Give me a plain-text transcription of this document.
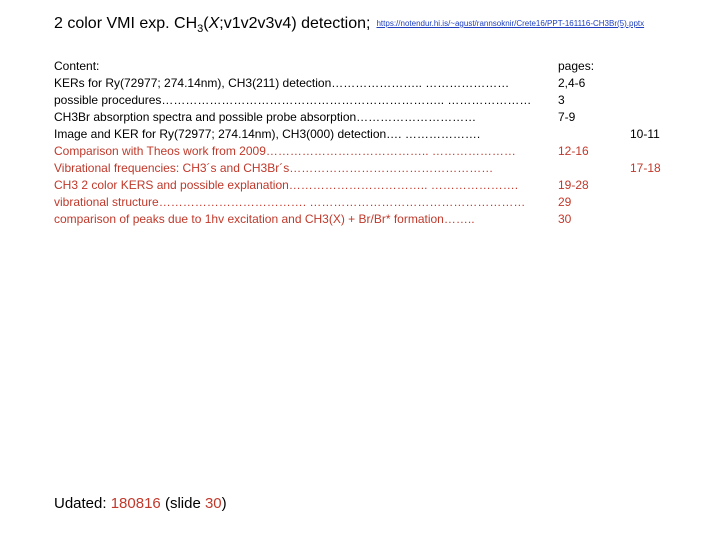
2 color VMI exp. $CH_3(X;v1v2v3v4)$ detection; https://notendur.hi.is/~agust/rannsoknir/Crete16/PPT-161116-CH3Br(5).pptx
Content:	pages:
KERs for Ry(72977; 274.14nm), CH3(211) detection………………….. …………………	2,4-6
possible procedures…………………………………………………………….. ………………… 3
CH3Br absorption spectra and possible probe absorption…………………………	7-9
Image and KER for Ry(72977; 274.14nm), CH3(000) detection…. ……………….	10-11
Comparison with Theos work from 2009………………………………….. …………………	12-16
Vibrational frequencies: CH3´s and CH3Br´s……………………………………………	17-18
CH3 2 color KERS and possible explanation…………………………….. ………………….	19-28
vibrational structure………………………………. ………………………………………………	29
comparison of peaks due to 1hv excitation and CH3(X) + Br/Br* formation……..	30
Udated: 180816 (slide 30)
